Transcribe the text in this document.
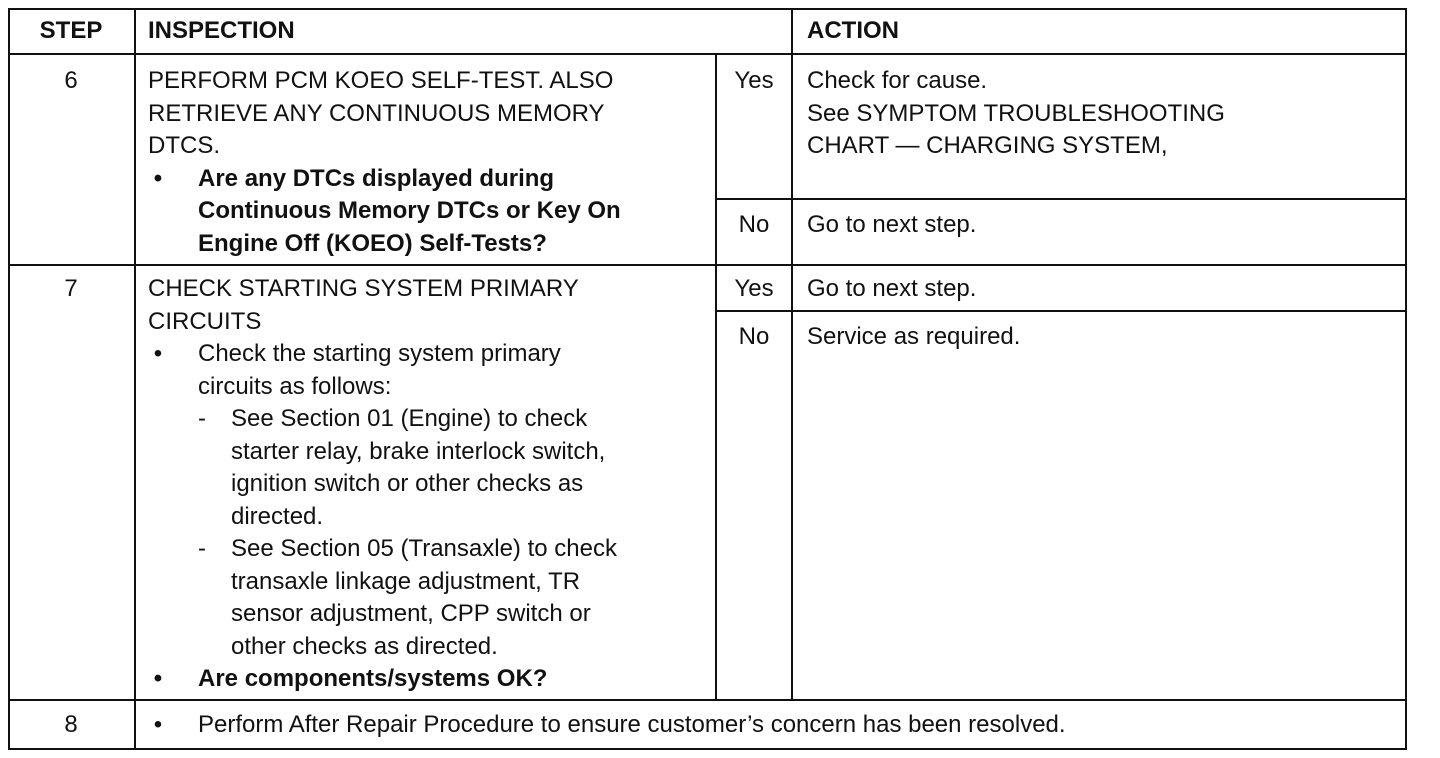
STEP	INSPECTION	ACTION
6	PERFORM PCM KOEO SELF-TEST. ALSO
RETRIEVE ANY CONTINUOUS MEMORY
DTCS.
• Are any DTCs displayed during
Continuous Memory DTCs or Key On
Engine Off (KOEO) Self-Tests?
Yes	Check for cause.
See SYMPTOM TROUBLESHOOTING
CHART — CHARGING SYSTEM,
No	Go to next step.
7	CHECK STARTING SYSTEM PRIMARY
CIRCUITS
• Check the starting system primary
circuits as follows:
- See Section 01 (Engine) to check
starter relay, brake interlock switch,
ignition switch or other checks as
directed.
- See Section 05 (Transaxle) to check
transaxle linkage adjustment, TR
sensor adjustment, CPP switch or
other checks as directed.
• Are components/systems OK?
Yes	Go to next step.
No	Service as required.
8	• Perform After Repair Procedure to ensure customer’s concern has been resolved.
